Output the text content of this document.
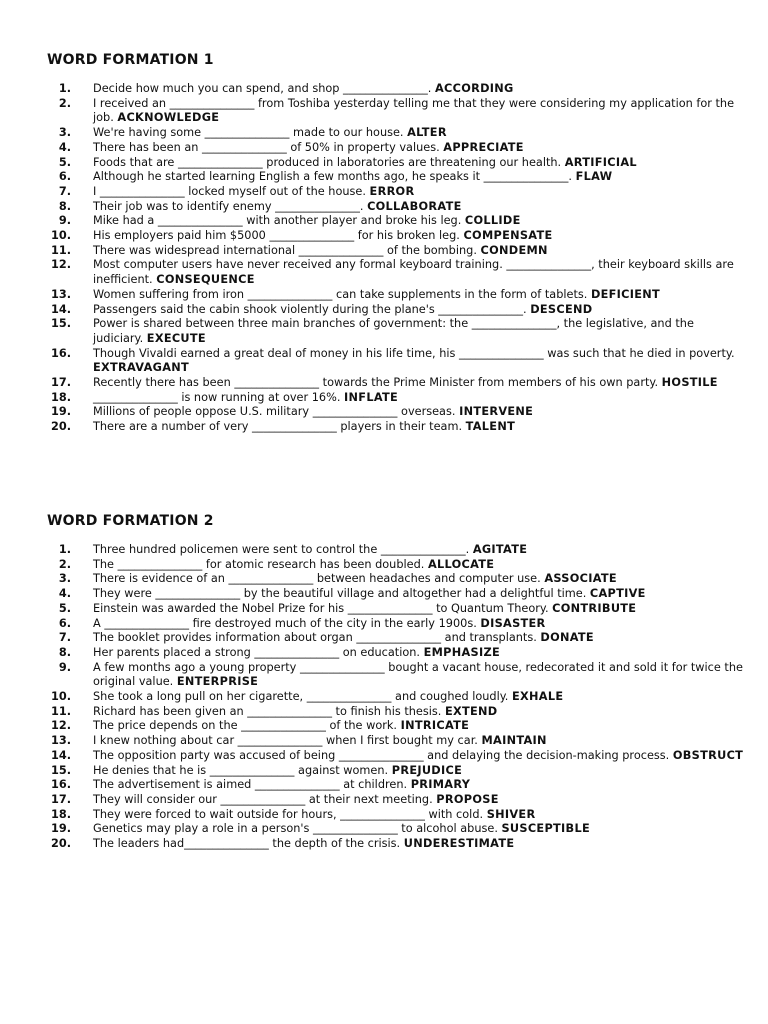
WORD FORMATION 1
1. Decide how much you can spend, and shop _______________. ACCORDING
2. I received an _______________ from Toshiba yesterday telling me that they were considering my application for the job. ACKNOWLEDGE
3. We're having some _______________ made to our house. ALTER
4. There has been an _______________ of 50% in property values. APPRECIATE
5. Foods that are _______________ produced in laboratories are threatening our health. ARTIFICIAL
6. Although he started learning English a few months ago, he speaks it _______________. FLAW
7. I _______________ locked myself out of the house. ERROR
8. Their job was to identify enemy _______________. COLLABORATE
9. Mike had a _______________ with another player and broke his leg. COLLIDE
10. His employers paid him $5000 _______________ for his broken leg. COMPENSATE
11. There was widespread international _______________ of the bombing. CONDEMN
12. Most computer users have never received any formal keyboard training. _______________, their keyboard skills are inefficient. CONSEQUENCE
13. Women suffering from iron _______________ can take supplements in the form of tablets. DEFICIENT
14. Passengers said the cabin shook violently during the plane's _______________. DESCEND
15. Power is shared between three main branches of government: the _______________, the legislative, and the judiciary. EXECUTE
16. Though Vivaldi earned a great deal of money in his life time, his _______________ was such that he died in poverty. EXTRAVAGANT
17. Recently there has been _______________ towards the Prime Minister from members of his own party. HOSTILE
18. _______________ is now running at over 16%. INFLATE
19. Millions of people oppose U.S. military _______________ overseas. INTERVENE
20. There are a number of very _______________ players in their team. TALENT
WORD FORMATION 2
1. Three hundred policemen were sent to control the _______________. AGITATE
2. The _______________ for atomic research has been doubled. ALLOCATE
3. There is evidence of an _______________ between headaches and computer use. ASSOCIATE
4. They were _______________ by the beautiful village and altogether had a delightful time. CAPTIVE
5. Einstein was awarded the Nobel Prize for his _______________ to Quantum Theory. CONTRIBUTE
6. A _______________ fire destroyed much of the city in the early 1900s. DISASTER
7. The booklet provides information about organ _______________ and transplants. DONATE
8. Her parents placed a strong _______________ on education. EMPHASIZE
9. A few months ago a young property _______________ bought a vacant house, redecorated it and sold it for twice the original value. ENTERPRISE
10. She took a long pull on her cigarette, _______________ and coughed loudly. EXHALE
11. Richard has been given an _______________ to finish his thesis. EXTEND
12. The price depends on the _______________ of the work. INTRICATE
13. I knew nothing about car _______________ when I first bought my car. MAINTAIN
14. The opposition party was accused of being _______________ and delaying the decision-making process. OBSTRUCT
15. He denies that he is _______________ against women. PREJUDICE
16. The advertisement is aimed _______________ at children. PRIMARY
17. They will consider our _______________ at their next meeting. PROPOSE
18. They were forced to wait outside for hours, _______________ with cold. SHIVER
19. Genetics may play a role in a person's _______________ to alcohol abuse. SUSCEPTIBLE
20. The leaders had_______________ the depth of the crisis. UNDERESTIMATE
